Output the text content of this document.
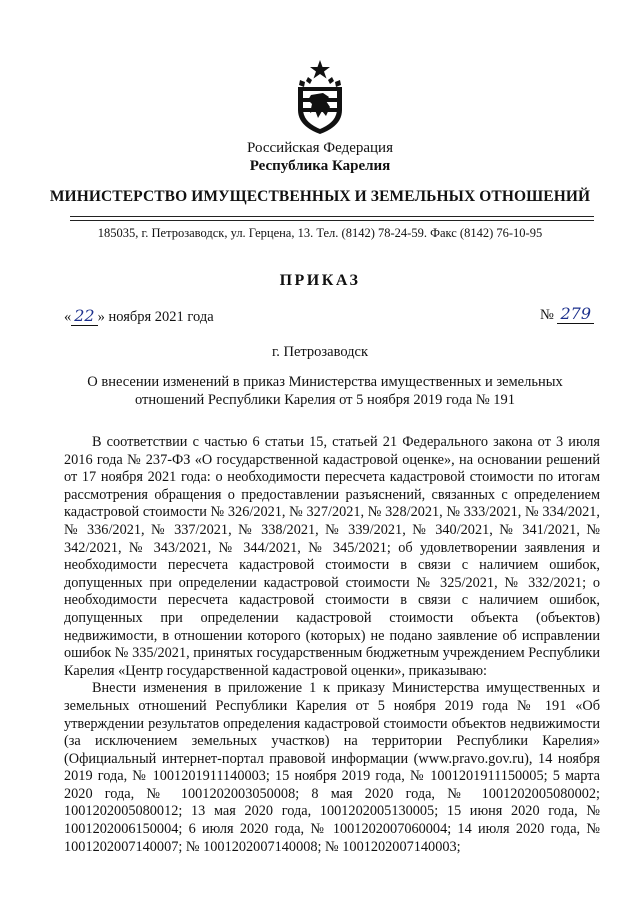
Российская Федерация
Республика Карелия
МИНИСТЕРСТВО ИМУЩЕСТВЕННЫХ И ЗЕМЕЛЬНЫХ ОТНОШЕНИЙ
185035, г. Петрозаводск, ул. Герцена, 13. Тел. (8142) 78-24-59. Факс (8142) 76-10-95
ПРИКАЗ
« 22 » ноября 2021 года	№ 279
г. Петрозаводск
О внесении изменений в приказ Министерства имущественных и земельных отношений Республики Карелия от 5 ноября 2019 года № 191

В соответствии с частью 6 статьи 15, статьей 21 Федерального закона от 3 июля 2016 года № 237-ФЗ «О государственной кадастровой оценке», на основании решений от 17 ноября 2021 года: о необходимости пересчета кадастровой стоимости по итогам рассмотрения обращения о предоставлении разъяснений, связанных с определением кадастровой стоимости № 326/2021, № 327/2021, № 328/2021, № 333/2021, № 334/2021, № 336/2021, № 337/2021, № 338/2021, № 339/2021, № 340/2021, № 341/2021, № 342/2021, № 343/2021, № 344/2021, № 345/2021; об удовлетворении заявления и необходимости пересчета кадастровой стоимости в связи с наличием ошибок, допущенных при определении кадастровой стоимости № 325/2021, № 332/2021; о необходимости пересчета кадастровой стоимости в связи с наличием ошибок, допущенных при определении кадастровой стоимости объекта (объектов) недвижимости, в отношении которого (которых) не подано заявление об исправлении ошибок № 335/2021, принятых государственным бюджетным учреждением Республики Карелия «Центр государственной кадастровой оценки», приказываю:

Внести изменения в приложение 1 к приказу Министерства имущественных и земельных отношений Республики Карелия от 5 ноября 2019 года № 191 «Об утверждении результатов определения кадастровой стоимости объектов недвижимости (за исключением земельных участков) на территории Республики Карелия» (Официальный интернет-портал правовой информации (www.pravo.gov.ru), 14 ноября 2019 года, № 1001201911140003; 15 ноября 2019 года, № 1001201911150005; 5 марта 2020 года, № 1001202003050008; 8 мая 2020 года, № 1001202005080002; 1001202005080012; 13 мая 2020 года, 1001202005130005; 15 июня 2020 года, № 1001202006150004; 6 июля 2020 года, № 1001202007060004; 14 июля 2020 года, № 1001202007140007; № 1001202007140008; № 1001202007140003;
